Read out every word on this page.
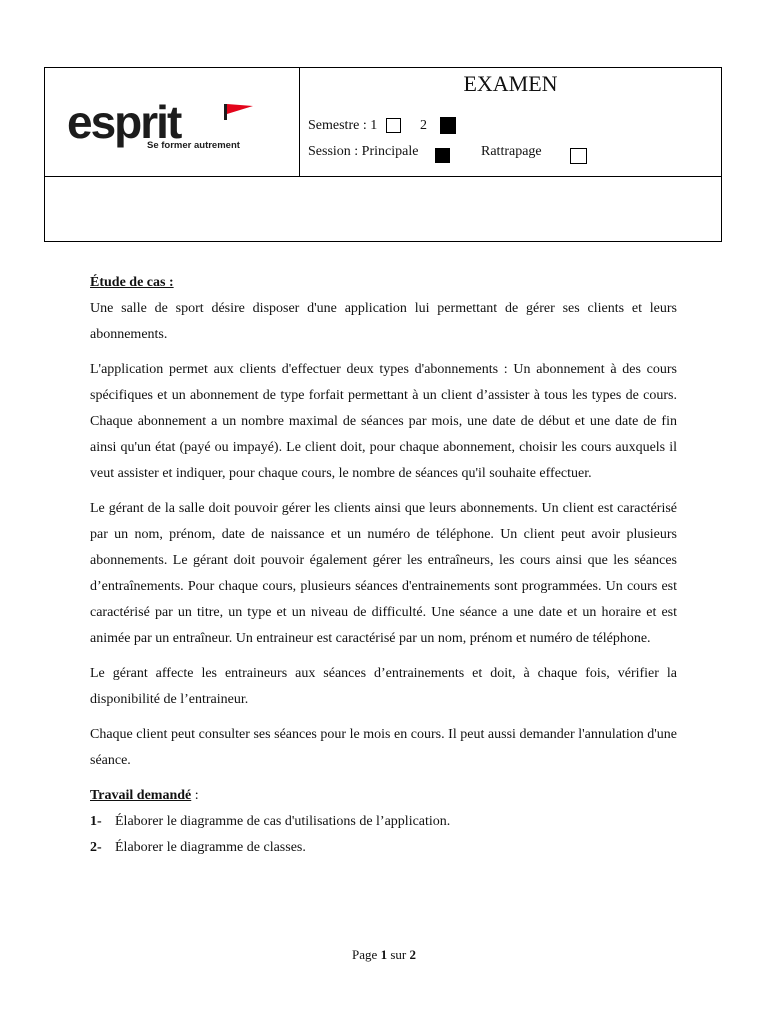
esprit
Se former autrement
EXAMEN
Semestre : 1	2
Session : Principale	Rattrapage

Étude de cas :

Une salle de sport désire disposer d'une application lui permettant de gérer ses clients et leurs abonnements.

L'application permet aux clients d'effectuer deux types d'abonnements : Un abonnement à des cours spécifiques et un abonnement de type forfait permettant à un client d’assister à tous les types de cours. Chaque abonnement a un nombre maximal de séances par mois, une date de début et une date de fin ainsi qu'un état (payé ou impayé). Le client doit, pour chaque abonnement, choisir les cours auxquels il veut assister et indiquer, pour chaque cours, le nombre de séances qu'il souhaite effectuer.

Le gérant de la salle doit pouvoir gérer les clients ainsi que leurs abonnements. Un client est caractérisé par un nom, prénom, date de naissance et un numéro de téléphone. Un client peut avoir plusieurs abonnements. Le gérant doit pouvoir également gérer les entraîneurs, les cours ainsi que les séances d’entraînements. Pour chaque cours, plusieurs séances d'entrainements sont programmées. Un cours est caractérisé par un titre, un type et un niveau de difficulté. Une séance a une date et un horaire et est animée par un entraîneur. Un entraineur est caractérisé par un nom, prénom et numéro de téléphone.

Le gérant affecte les entraineurs aux séances d’entrainements et doit, à chaque fois, vérifier la disponibilité de l’entraineur.

Chaque client peut consulter ses séances pour le mois en cours. Il peut aussi demander l'annulation d'une séance.

Travail demandé :

1- Élaborer le diagramme de cas d'utilisations de l’application.
2- Élaborer le diagramme de classes.
Page 1 sur 2
